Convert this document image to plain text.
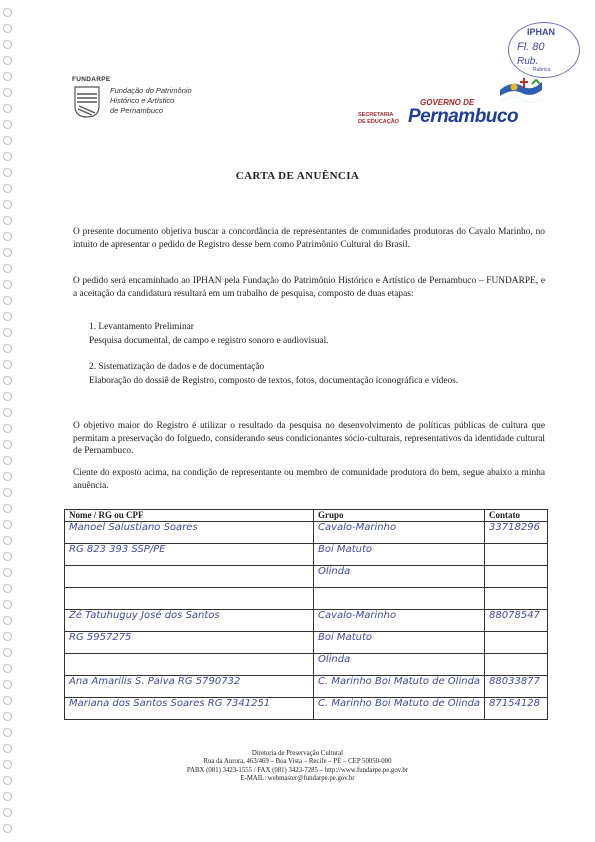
FUNDARPE
Fundação do Patrimônio
Histórico e Artístico
de Pernambuco
IPHAN
Fl. 80
Rub.
Rubrica
SECRETARIA
DE EDUCAÇÃO
GOVERNO DE
Pernambuco
CARTA DE ANUÊNCIA

O presente documento objetiva buscar a concordância de representantes de comunidades produtoras do Cavalo Marinho, no intuito de apresentar o pedido de Registro desse bem como Patrimônio Cultural do Brasil.

O pedido será encaminhado ao IPHAN pela Fundação do Patrimônio Histórico e Artístico de Pernambuco – FUNDARPE, e a aceitação da candidatura resultará em um trabalho de pesquisa, composto de duas etapas:

1. Levantamento Preliminar

Pesquisa documental, de campo e registro sonoro e audiovisual.

2. Sistematização de dados e de documentação

Elaboração do dossiê de Registro, composto de textos, fotos, documentação iconográfica e vídeos.

O objetivo maior do Registro é utilizar o resultado da pesquisa no desenvolvimento de políticas públicas de cultura que permitam a preservação do folguedo, considerando seus condicionantes sócio-culturais, representativos da identidade cultural de Pernambuco.

Ciente do exposto acima, na condição de representante ou membro de comunidade produtora do bem, segue abaixo a minha anuência.

Nome / RG ou CPF	Grupo	Contato
Manoel Salustiano Soares	Cavalo-Marinho	33718296
RG 823 393 SSP/PE	Boi Matuto	
	Olinda	

Zé Tatuhuguy José dos Santos	Cavalo-Marinho	88078547
RG 5957275	Boi Matuto	
	Olinda	
Ana Amarilis S. Paiva RG 5790732	C. Marinho Boi Matuto de Olinda	88033877
Mariana dos Santos Soares RG 7341251	C. Marinho Boi Matuto de Olinda	87154128
Diretoria de Preservação Cultural
Rua da Aurora, 463/469 – Boa Vista – Recife – PE – CEP 50050-000
PABX (081) 3423-1555 / FAX (081) 3423-7285 – http://www.fundarpe.pe.gov.br
E-MAIL: webmaster@fundarpe.pe.gov.br
